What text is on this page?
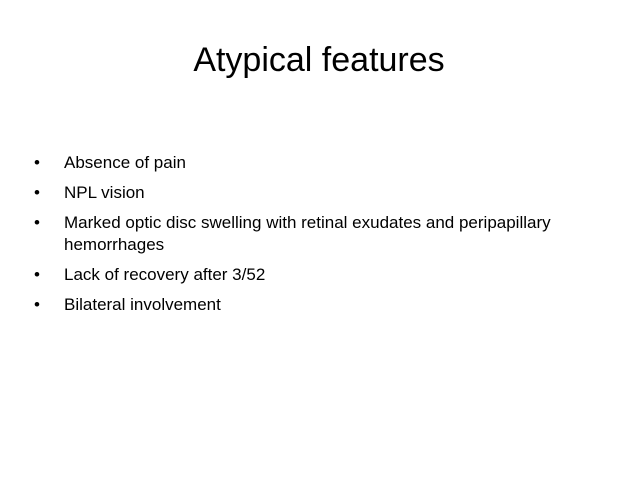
Atypical features
•	Absence of pain
•	NPL vision
•	Marked optic disc swelling with retinal exudates and peripapillary hemorrhages
•	Lack of recovery after 3/52
•	Bilateral involvement
